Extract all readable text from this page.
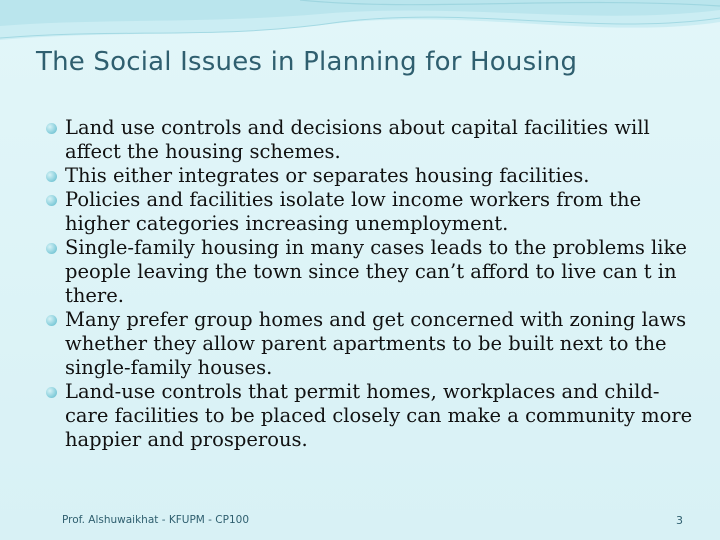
The Social Issues in Planning for Housing
Land use controls and decisions about capital facilities will affect the housing schemes.
This either integrates or separates housing facilities.
Policies and facilities isolate low income workers from the higher categories increasing unemployment.
Single-family housing in many cases leads to the problems like people leaving the town since they can’t afford to live can t in there.
Many prefer group homes and get concerned with zoning laws whether they allow parent apartments to be built next to the single-family houses.
Land-use controls that permit homes, workplaces and child-care facilities to be placed closely can make a community more happier and prosperous.
Prof. Alshuwaikhat - KFUPM - CP100	3
